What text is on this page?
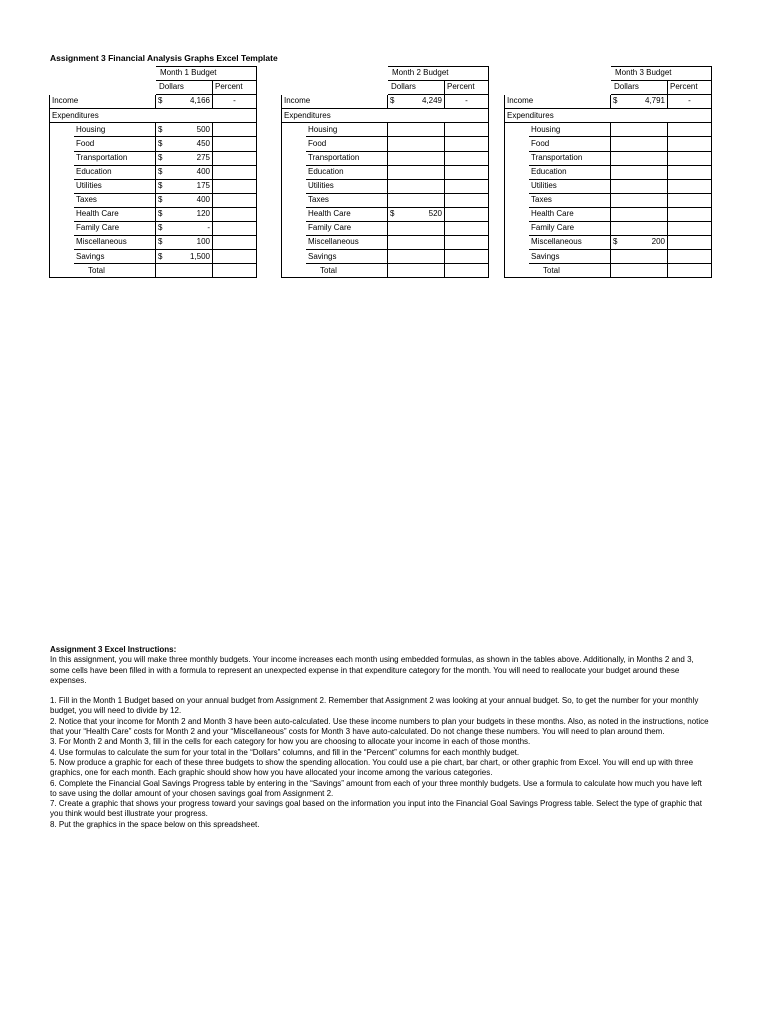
Assignment 3 Financial Analysis Graphs Excel Template
		Month 1 Budget	
		Dollars	Percent
Income		$ 4,166	-
Expenditures			
	Housing	$ 500	

	Food	$ 450	

	Transportation	$ 275	

	Education	$ 400	

	Utilities	$ 175	

	Taxes	$ 400	

	Health Care	$ 120	

	Family Care	$ -	

	Miscellaneous	$ 100	

	Savings	$ 1,500	

	Total		
		Month 2 Budget	
		Dollars	Percent
Income		$ 4,249	-
Expenditures			
	Housing		
	Food		
	Transportation		
	Education		
	Utilities		
	Taxes		
	Health Care	$ 520	

	Family Care		
	Miscellaneous		
	Savings		
	Total		
		Month 3 Budget	
		Dollars	Percent
Income		$ 4,791	-
Expenditures			
	Housing		
	Food		
	Transportation		
	Education		
	Utilities		
	Taxes		
	Health Care		
	Family Care		
	Miscellaneous	$ 200	

	Savings		
	Total		

Assignment 3 Excel Instructions:

In this assignment, you will make three monthly budgets. Your income increases each month using embedded formulas, as shown in the tables above. Additionally, in Months 2 and 3, some cells have been filled in with a formula to represent an unexpected expense in that expenditure category for the month. You will need to reallocate your budget around these expenses.

1. Fill in the Month 1 Budget based on your annual budget from Assignment 2. Remember that Assignment 2 was looking at your annual budget. So, to get the number for your monthly budget, you will need to divide by 12.

2. Notice that your income for Month 2 and Month 3 have been auto-calculated. Use these income numbers to plan your budgets in these months. Also, as noted in the instructions, notice that your “Health Care” costs for Month 2 and your “Miscellaneous” costs for Month 3 have auto-calculated. Do not change these numbers. You will need to plan around them.

3. For Month 2 and Month 3, fill in the cells for each category for how you are choosing to allocate your income in each of those months.

4. Use formulas to calculate the sum for your total in the “Dollars” columns, and fill in the “Percent” columns for each monthly budget.

5. Now produce a graphic for each of these three budgets to show the spending allocation. You could use a pie chart, bar chart, or other graphic from Excel. You will end up with three graphics, one for each month. Each graphic should show how you have allocated your income among the various categories.

6. Complete the Financial Goal Savings Progress table by entering in the “Savings” amount from each of your three monthly budgets. Use a formula to calculate how much you have left to save using the dollar amount of your chosen savings goal from Assignment 2.

7. Create a graphic that shows your progress toward your savings goal based on the information you input into the Financial Goal Savings Progress table. Select the type of graphic that you think would best illustrate your progress.

8. Put the graphics in the space below on this spreadsheet.
